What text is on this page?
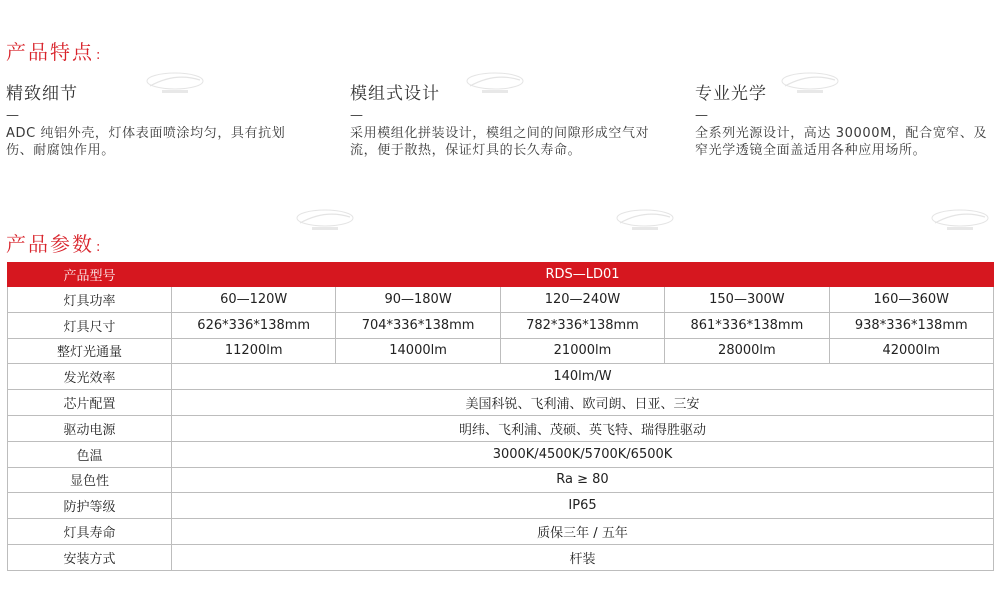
产品特点 :
精致细节
—

ADC 纯铝外壳，灯体表面喷涂均匀，具有抗划伤、耐腐蚀作用。

模组式设计
—

采用模组化拼装设计，模组之间的间隙形成空气对流，便于散热，保证灯具的长久寿命。

专业光学
—

全系列光源设计，高达 30000M，配合宽窄、及窄光学透镜全面盖适用各种应用场所。

产品参数 :
产品型号	RDS—LD01				
灯具功率	60—120W	90—180W	120—240W	150—300W	160—360W
灯具尺寸	626*336*138mm	704*336*138mm	782*336*138mm	861*336*138mm	938*336*138mm
整灯光通量	11200lm	14000lm	21000lm	28000lm	42000lm
发光效率	140lm/W				
芯片配置	美国科锐、飞利浦、欧司朗、日亚、三安				
驱动电源	明纬、飞利浦、茂硕、英飞特、瑞得胜驱动				
色温	3000K/4500K/5700K/6500K				
显色性	Ra ≥ 80				
防护等级	IP65				
灯具寿命	质保三年 / 五年				
安装方式	杆装				
